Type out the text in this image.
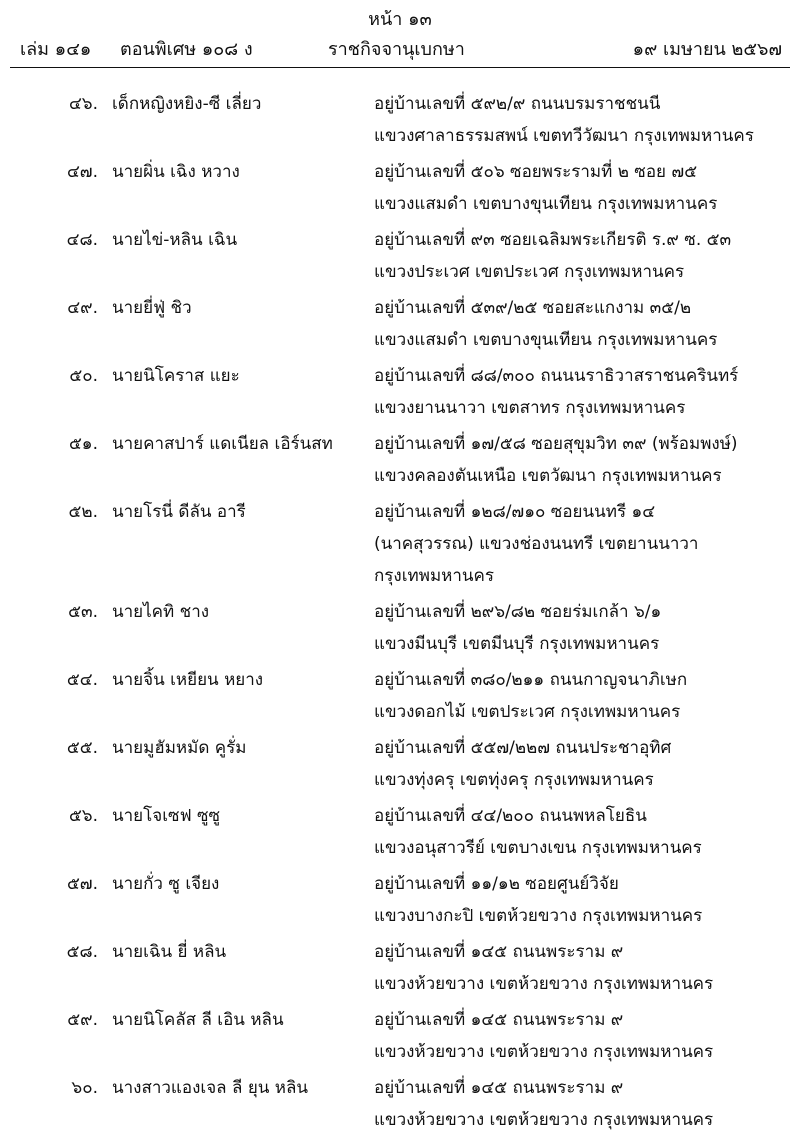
หน้า ๑๓
เล่ม ๑๔๑ ตอนพิเศษ ๑๐๘ ง	ราชกิจจานุเบกษา	๑๙ เมษายน ๒๕๖๗
๔๖. เด็กหญิงหยิง-ซี เลี่ยว	อยู่บ้านเลขที่ ๕๙๒/๙ ถนนบรมราชชนนี
แขวงศาลาธรรมสพน์ เขตทวีวัฒนา กรุงเทพมหานคร
๔๗. นายผิ่น เฉิง หวาง	อยู่บ้านเลขที่ ๕๐๖ ซอยพระรามที่ ๒ ซอย ๗๕
แขวงแสมดำ เขตบางขุนเทียน กรุงเทพมหานคร
๔๘. นายไข่-หลิน เฉิน	อยู่บ้านเลขที่ ๙๓ ซอยเฉลิมพระเกียรติ ร.๙ ซ. ๕๓
แขวงประเวศ เขตประเวศ กรุงเทพมหานคร
๔๙. นายยี่ฟู่ ชิว	อยู่บ้านเลขที่ ๕๓๙/๒๕ ซอยสะแกงาม ๓๕/๒
แขวงแสมดำ เขตบางขุนเทียน กรุงเทพมหานคร
๕๐. นายนิโคราส แยะ	อยู่บ้านเลขที่ ๘๘/๓๐๐ ถนนนราธิวาสราชนครินทร์
แขวงยานนาวา เขตสาทร กรุงเทพมหานคร
๕๑. นายคาสปาร์ แดเนียล เอิร์นสท	อยู่บ้านเลขที่ ๑๗/๕๘ ซอยสุขุมวิท ๓๙ (พร้อมพงษ์)
แขวงคลองตันเหนือ เขตวัฒนา กรุงเทพมหานคร
๕๒. นายโรนี่ ดีลัน อารี	อยู่บ้านเลขที่ ๑๒๘/๗๑๐ ซอยนนทรี ๑๔
(นาคสุวรรณ) แขวงช่องนนทรี เขตยานนาวา
กรุงเทพมหานคร
๕๓. นายไคทิ ชาง	อยู่บ้านเลขที่ ๒๙๖/๘๒ ซอยร่มเกล้า ๖/๑
แขวงมีนบุรี เขตมีนบุรี กรุงเทพมหานคร
๕๔. นายจิ้น เหยียน หยาง	อยู่บ้านเลขที่ ๓๘๐/๒๑๑ ถนนกาญจนาภิเษก
แขวงดอกไม้ เขตประเวศ กรุงเทพมหานคร
๕๕. นายมูฮัมหมัด คูรั่ม	อยู่บ้านเลขที่ ๕๕๗/๒๒๗ ถนนประชาอุทิศ
แขวงทุ่งครุ เขตทุ่งครุ กรุงเทพมหานคร
๕๖. นายโจเซฟ ซูซู	อยู่บ้านเลขที่ ๔๔/๒๐๐ ถนนพหลโยธิน
แขวงอนุสาวรีย์ เขตบางเขน กรุงเทพมหานคร
๕๗. นายกั่ว ซู เจียง	อยู่บ้านเลขที่ ๑๑/๑๒ ซอยศูนย์วิจัย
แขวงบางกะปิ เขตห้วยขวาง กรุงเทพมหานคร
๕๘. นายเฉิน ยี่ หลิน	อยู่บ้านเลขที่ ๑๔๕ ถนนพระราม ๙
แขวงห้วยขวาง เขตห้วยขวาง กรุงเทพมหานคร
๕๙. นายนิโคลัส ลี เอิน หลิน	อยู่บ้านเลขที่ ๑๔๕ ถนนพระราม ๙
แขวงห้วยขวาง เขตห้วยขวาง กรุงเทพมหานคร
๖๐. นางสาวแองเจล ลี ยุน หลิน	อยู่บ้านเลขที่ ๑๔๕ ถนนพระราม ๙
แขวงห้วยขวาง เขตห้วยขวาง กรุงเทพมหานคร
